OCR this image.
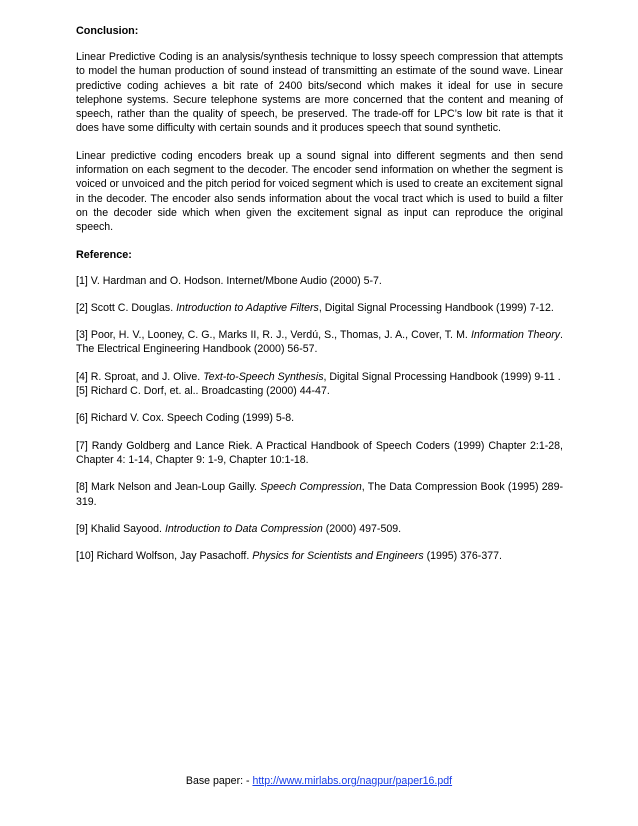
Conclusion:

Linear Predictive Coding is an analysis/synthesis technique to lossy speech compression that attempts to model the human production of sound instead of transmitting an estimate of the sound wave. Linear predictive coding achieves a bit rate of 2400 bits/second which makes it ideal for use in secure telephone systems. Secure telephone systems are more concerned that the content and meaning of speech, rather than the quality of speech, be preserved. The trade-off for LPC’s low bit rate is that it does have some difficulty with certain sounds and it produces speech that sound synthetic.

Linear predictive coding encoders break up a sound signal into different segments and then send information on each segment to the decoder. The encoder send information on whether the segment is voiced or unvoiced and the pitch period for voiced segment which is used to create an excitement signal in the decoder. The encoder also sends information about the vocal tract which is used to build a filter on the decoder side which when given the excitement signal as input can reproduce the original speech.

Reference:
[1] V. Hardman and O. Hodson. Internet/Mbone Audio (2000) 5-7.
[2] Scott C. Douglas. Introduction to Adaptive Filters, Digital Signal Processing Handbook (1999) 7-12.
[3] Poor, H. V., Looney, C. G., Marks II, R. J., Verdú, S., Thomas, J. A., Cover, T. M. Information Theory. The Electrical Engineering Handbook (2000) 56-57.
[4] R. Sproat, and J. Olive. Text-to-Speech Synthesis, Digital Signal Processing Handbook (1999) 9-11 .
[5] Richard C. Dorf, et. al.. Broadcasting (2000) 44-47.
[6] Richard V. Cox. Speech Coding (1999) 5-8.
[7] Randy Goldberg and Lance Riek. A Practical Handbook of Speech Coders (1999) Chapter 2:1-28, Chapter 4: 1-14, Chapter 9: 1-9, Chapter 10:1-18.
[8] Mark Nelson and Jean-Loup Gailly. Speech Compression, The Data Compression Book (1995) 289-319.
[9] Khalid Sayood. Introduction to Data Compression (2000) 497-509.
[10] Richard Wolfson, Jay Pasachoff. Physics for Scientists and Engineers (1995) 376-377.
Base paper: - http://www.mirlabs.org/nagpur/paper16.pdf
